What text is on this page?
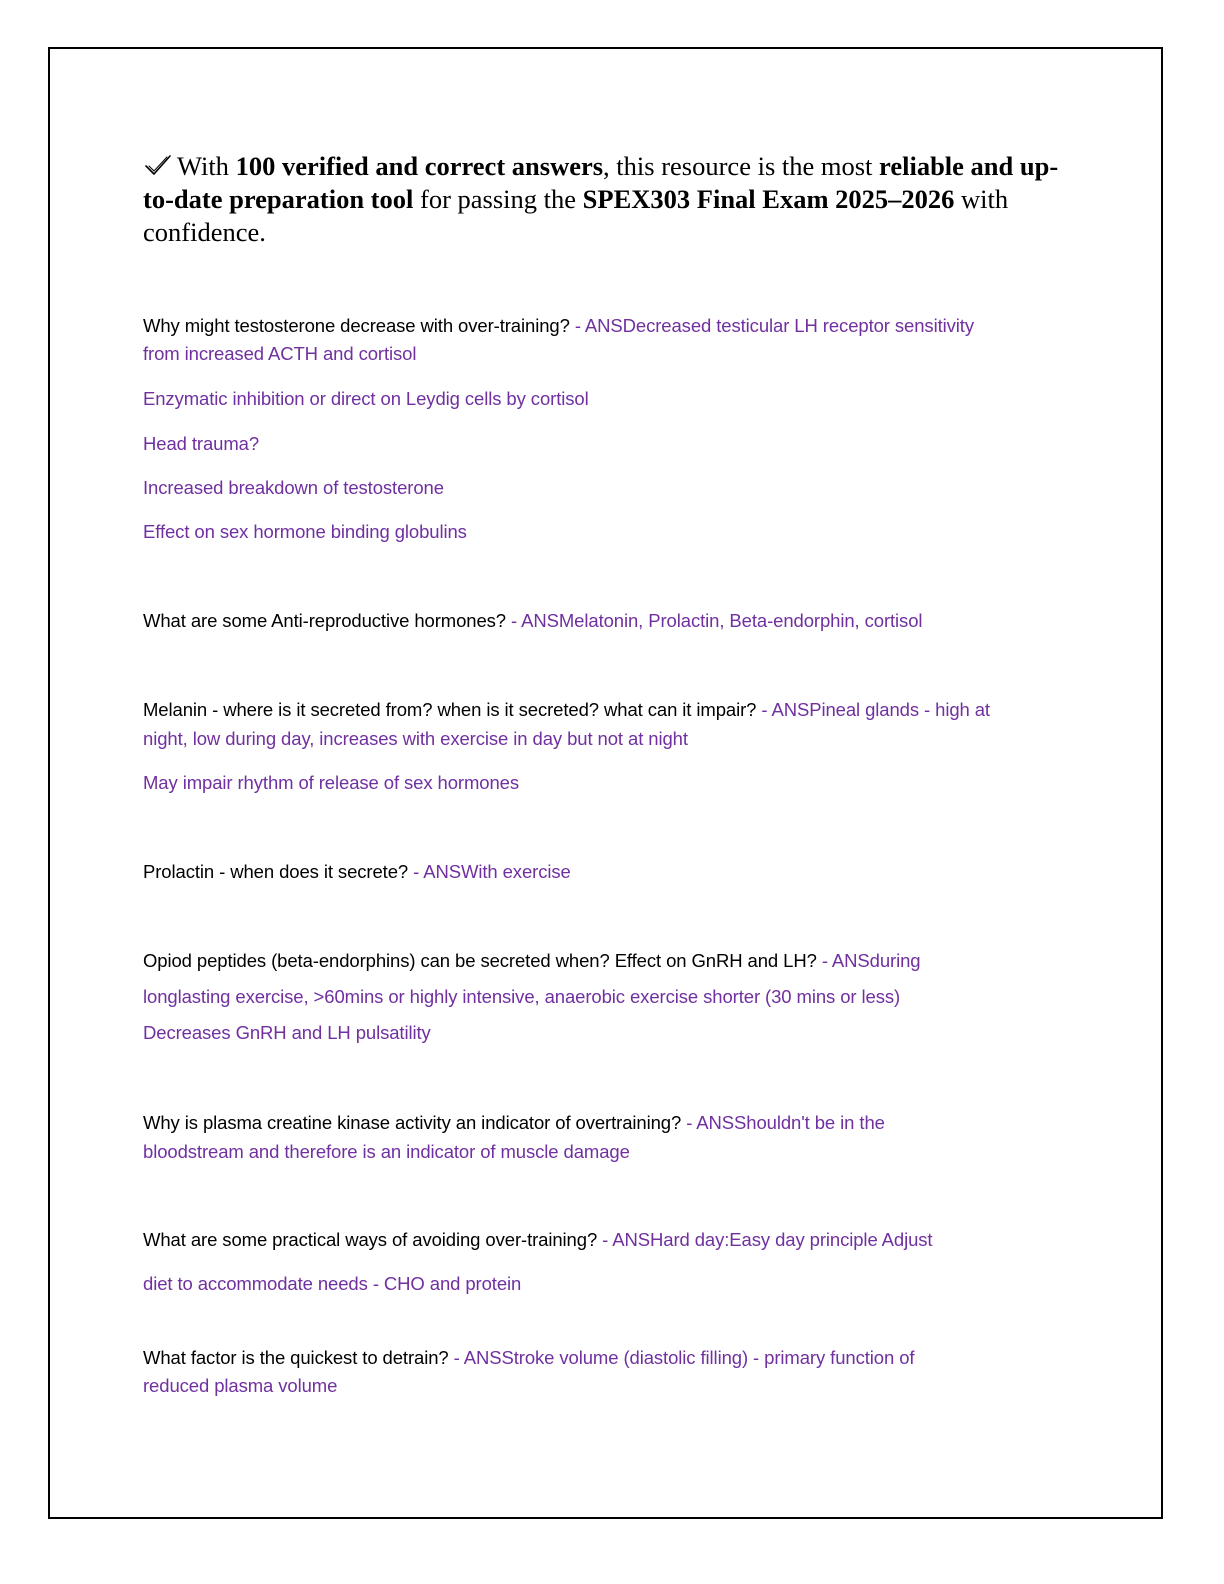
With 100 verified and correct answers, this resource is the most reliable and up-to-date preparation tool for passing the SPEX303 Final Exam 2025–2026 with confidence.
Why might testosterone decrease with over-training? - ANSDecreased testicular LH receptor sensitivity
from increased ACTH and cortisol
Enzymatic inhibition or direct on Leydig cells by cortisol
Head trauma?
Increased breakdown of testosterone
Effect on sex hormone binding globulins
What are some Anti-reproductive hormones? - ANSMelatonin, Prolactin, Beta-endorphin, cortisol
Melanin - where is it secreted from? when is it secreted? what can it impair? - ANSPineal glands - high at
night, low during day, increases with exercise in day but not at night
May impair rhythm of release of sex hormones
Prolactin - when does it secrete? - ANSWith exercise
Opiod peptides (beta-endorphins) can be secreted when? Effect on GnRH and LH? - ANSduring
longlasting exercise, >60mins or highly intensive, anaerobic exercise shorter (30 mins or less)
Decreases GnRH and LH pulsatility
Why is plasma creatine kinase activity an indicator of overtraining? - ANSShouldn't be in the
bloodstream and therefore is an indicator of muscle damage
What are some practical ways of avoiding over-training? - ANSHard day:Easy day principle Adjust
diet to accommodate needs - CHO and protein
What factor is the quickest to detrain? - ANSStroke volume (diastolic filling) - primary function of
reduced plasma volume
